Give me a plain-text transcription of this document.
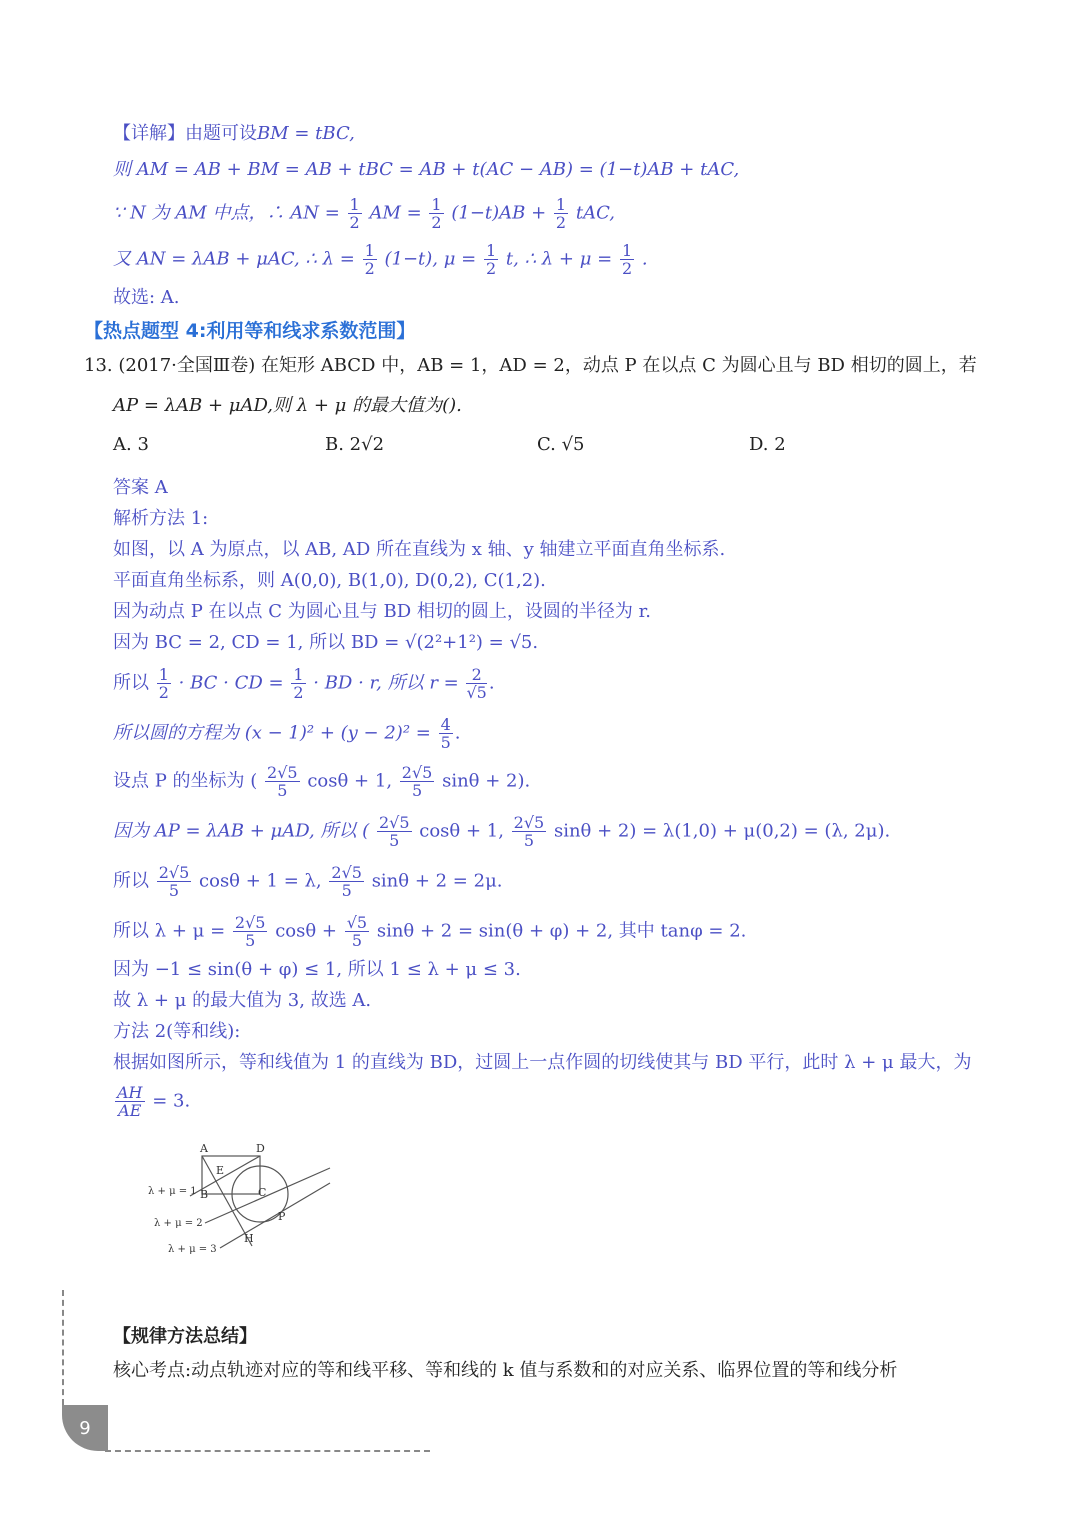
【详解】由题可设BM = tBC,
则 AM = AB + BM = AB + tBC = AB + t(AC − AB) = (1−t)AB + tAC,
∵ N 为 AM 中点，∴ AN = $\frac{1}{2}$ AM = $\frac{1}{2} (1-t)AB + \frac{1}{2}$ tAC,
又 AN = λAB + μAC, ∴ $\lambda = \frac{1}{2} (1-t)$, $\mu = \frac{1}{2} t$, ∴ $\lambda + \mu = \frac{1}{2}$ .
故选: A.
【热点题型 4:利用等和线求系数范围】
13. (2017·全国Ⅲ卷) 在矩形 ABCD 中，AB = 1，AD = 2，动点 P 在以点 C 为圆心且与 BD 相切的圆上，若
AP = λAB + μAD,则 λ + μ 的最大值为().
A. 3	B. 2√2	C. √5	D. 2
答案 A
解析方法 1:
如图，以 A 为原点，以 AB, AD 所在直线为 x 轴、y 轴建立平面直角坐标系.
平面直角坐标系，则 A(0,0), B(1,0), D(0,2), C(1,2).
因为动点 P 在以点 C 为圆心且与 BD 相切的圆上，设圆的半径为 r.
因为 BC = 2, CD = 1, 所以 BD = √(2²+1²) = √5.
所以 $\frac{1}{2}$ · BC · CD = $\frac{1}{2}$ · BD · r, 所以 $r = \frac{2}{√5}$ .
所以圆的方程为 $(x - 1)^2 + (y - 2)^2 = \frac{4}{5}$ .
设点 P 的坐标为 ( $\frac{2√5}{5}$ cosθ + 1, $\frac{2√5}{5}$ sinθ + 2).
因为 AP = λAB + μAD, 所以 ( $\frac{2√5}{5}$ cosθ + 1, $\frac{2√5}{5}$ sinθ + 2) = λ(1,0) + μ(0,2) = (λ, 2μ).
所以 $\frac{2√5}{5}$ cosθ + 1 = λ, $\frac{2√5}{5}$ sinθ + 2 = 2μ.
所以 $\lambda + \mu = \frac{2√5}{5}$ $\cos\theta + \frac{√5}{5}$ sinθ + 2 = sin(θ + φ) + 2, 其中 tanφ = 2.
因为 −1 ≤ sin(θ + φ) ≤ 1, 所以 1 ≤ λ + μ ≤ 3.
故 λ + μ 的最大值为 3, 故选 A.
方法 2(等和线):
根据如图所示，等和线值为 1 的直线为 BD，过圆上一点作圆的切线使其与 BD 平行，此时 λ + μ 最大，为
$\frac{AH}{AE} = 3$.
A	D
E
B	C
P
H
λ + μ = 1
λ + μ = 2
λ + μ = 3
【规律方法总结】
核心考点:动点轨迹对应的等和线平移、等和线的 k 值与系数和的对应关系、临界位置的等和线分析
9
